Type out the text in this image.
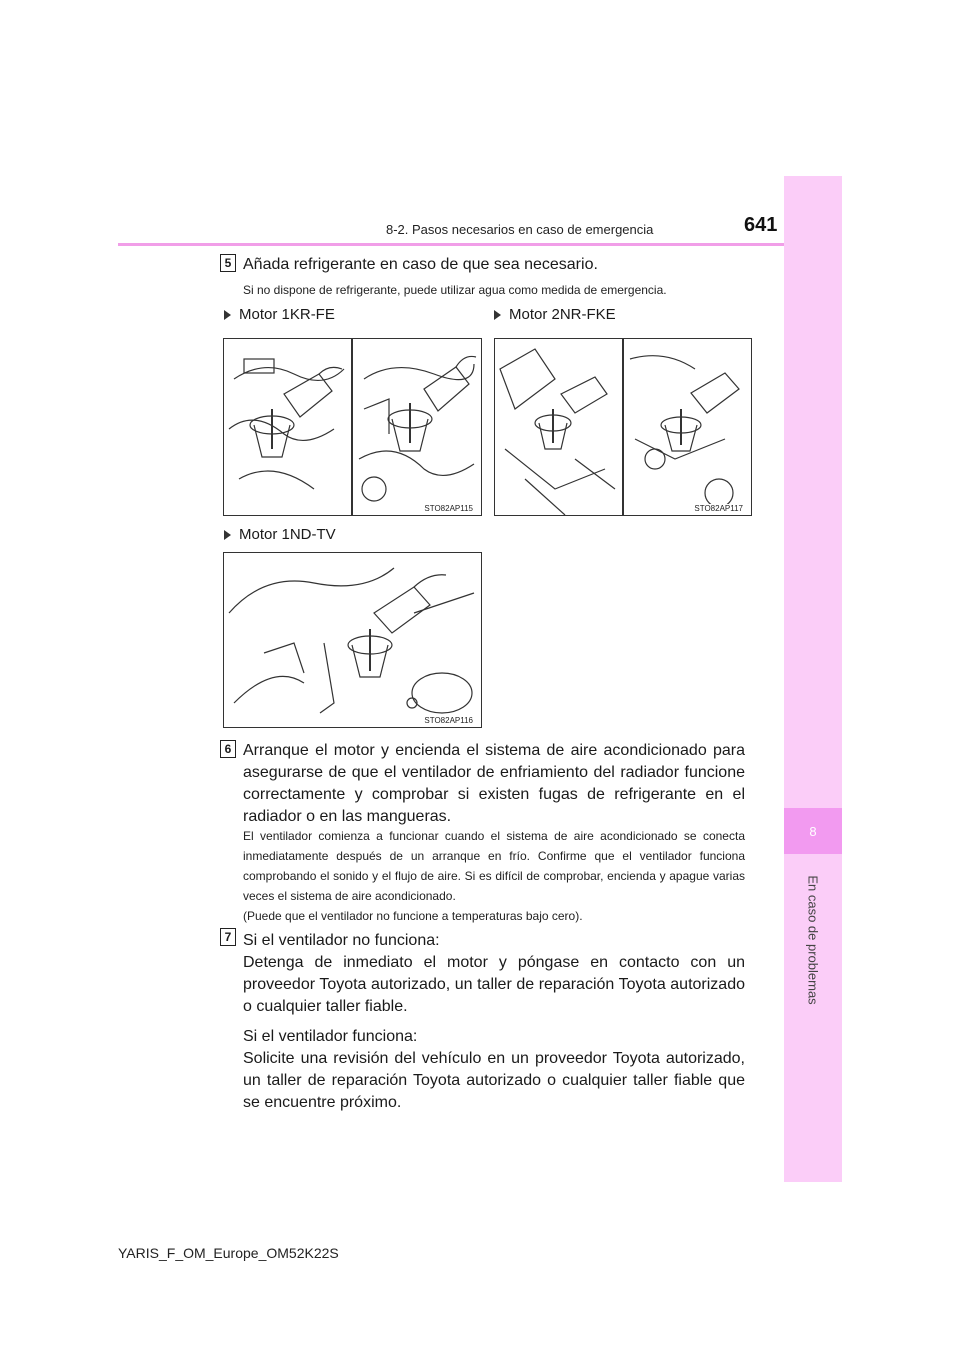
8
En caso de problemas
8-2. Pasos necesarios en caso de emergencia	641
5 Añada refrigerante en caso de que sea necesario.
Si no dispone de refrigerante, puede utilizar agua como medida de emergencia.
Motor 1KR-FE	Motor 2NR-FKE
STO82AP115	STO82AP117
Motor 1ND-TV
STO82AP116
6 Arranque el motor y encienda el sistema de aire acondicionado para asegurarse de que el ventilador de enfriamiento del radiador funcione correctamente y comprobar si existen fugas de refrigerante en el radiador o en las mangueras.
El ventilador comienza a funcionar cuando el sistema de aire acondicionado se conecta inmediatamente después de un arranque en frío. Confirme que el ventilador funciona comprobando el sonido y el flujo de aire. Si es difícil de comprobar, encienda y apague varias veces el sistema de aire acondicionado.
(Puede que el ventilador no funcione a temperaturas bajo cero).
7 Si el ventilador no funciona:
Detenga de inmediato el motor y póngase en contacto con un proveedor Toyota autorizado, un taller de reparación Toyota autorizado o cualquier taller fiable.
Si el ventilador funciona:
Solicite una revisión del vehículo en un proveedor Toyota autorizado, un taller de reparación Toyota autorizado o cualquier taller fiable que se encuentre próximo.
YARIS_F_OM_Europe_OM52K22S
